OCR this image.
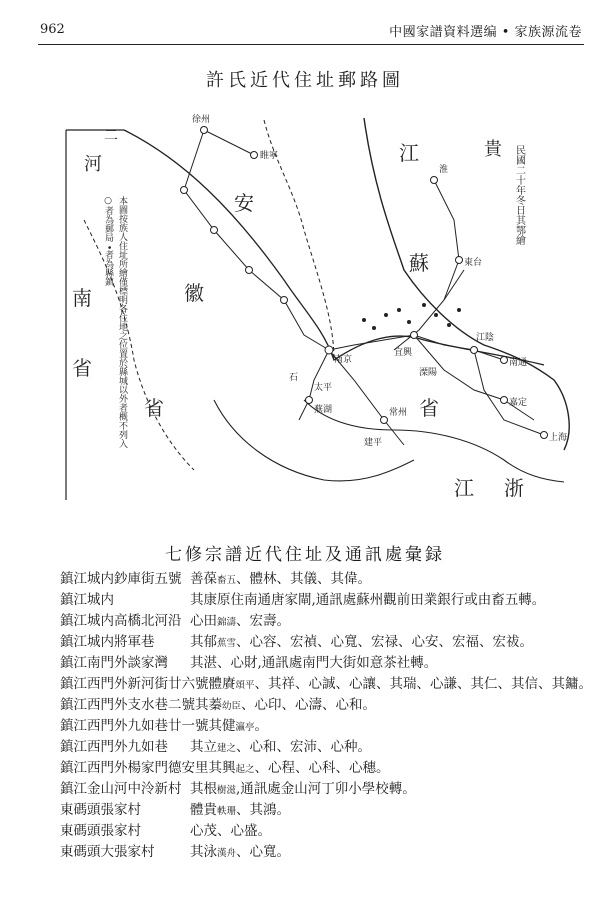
962	中國家譜資料選编 • 家族源流卷
許氏近代住址郵路圖
江
安
徽
蘇
省
省
江 浙
南
省
河
二
貴
徐州
睢寧
南京
石
太平
蕪湖
建平
常州
南通
江陰
上海
嘉定
東台
淮
溧陽
宜興
本圖按族人住址所繪僅標明各住地之位置於縣城以外者概不列入
○者為郵局 •者為縣鎮	民國二十年冬日其鄂繪
七修宗譜近代住址及通訊處彙録
鎮江城内鈔庫街五號 善葆畜五、體林、其儀、其偉。
鎮江城内	其康原住南通唐家閘,通訊處蘇州觀前田業銀行或由畜五轉。
鎮江城内高橋北河沿 心田錦濤、宏壽。
鎮江城内將軍巷	其郁蕉雪、心容、宏禎、心寬、宏禄、心安、宏福、宏祓。
鎮江南門外談家灣 其湛、心財,通訊處南門大街如意茶社轉。
鎮江西門外新河街廿六號體賡頌平、其祥、心誠、心讓、其瑞、心謙、其仁、其信、其鏞。
鎮江西門外支水巷二號其蓁幼臣、心印、心濤、心和。
鎮江西門外九如巷廿一號其健瀛亭。
鎮江西門外九如巷 其立建之、心和、宏沛、心种。
鎮江西門外楊家門德安里其興起之、心程、心科、心穗。
鎮江金山河中泠新村 其根樹滋,通訊處金山河丁卯小學校轉。
東碼頭張家村	體貴軼珊、其鴻。
東碼頭張家村	心茂、心盛。
東碼頭大張家村	其泳漢舟、心寬。
